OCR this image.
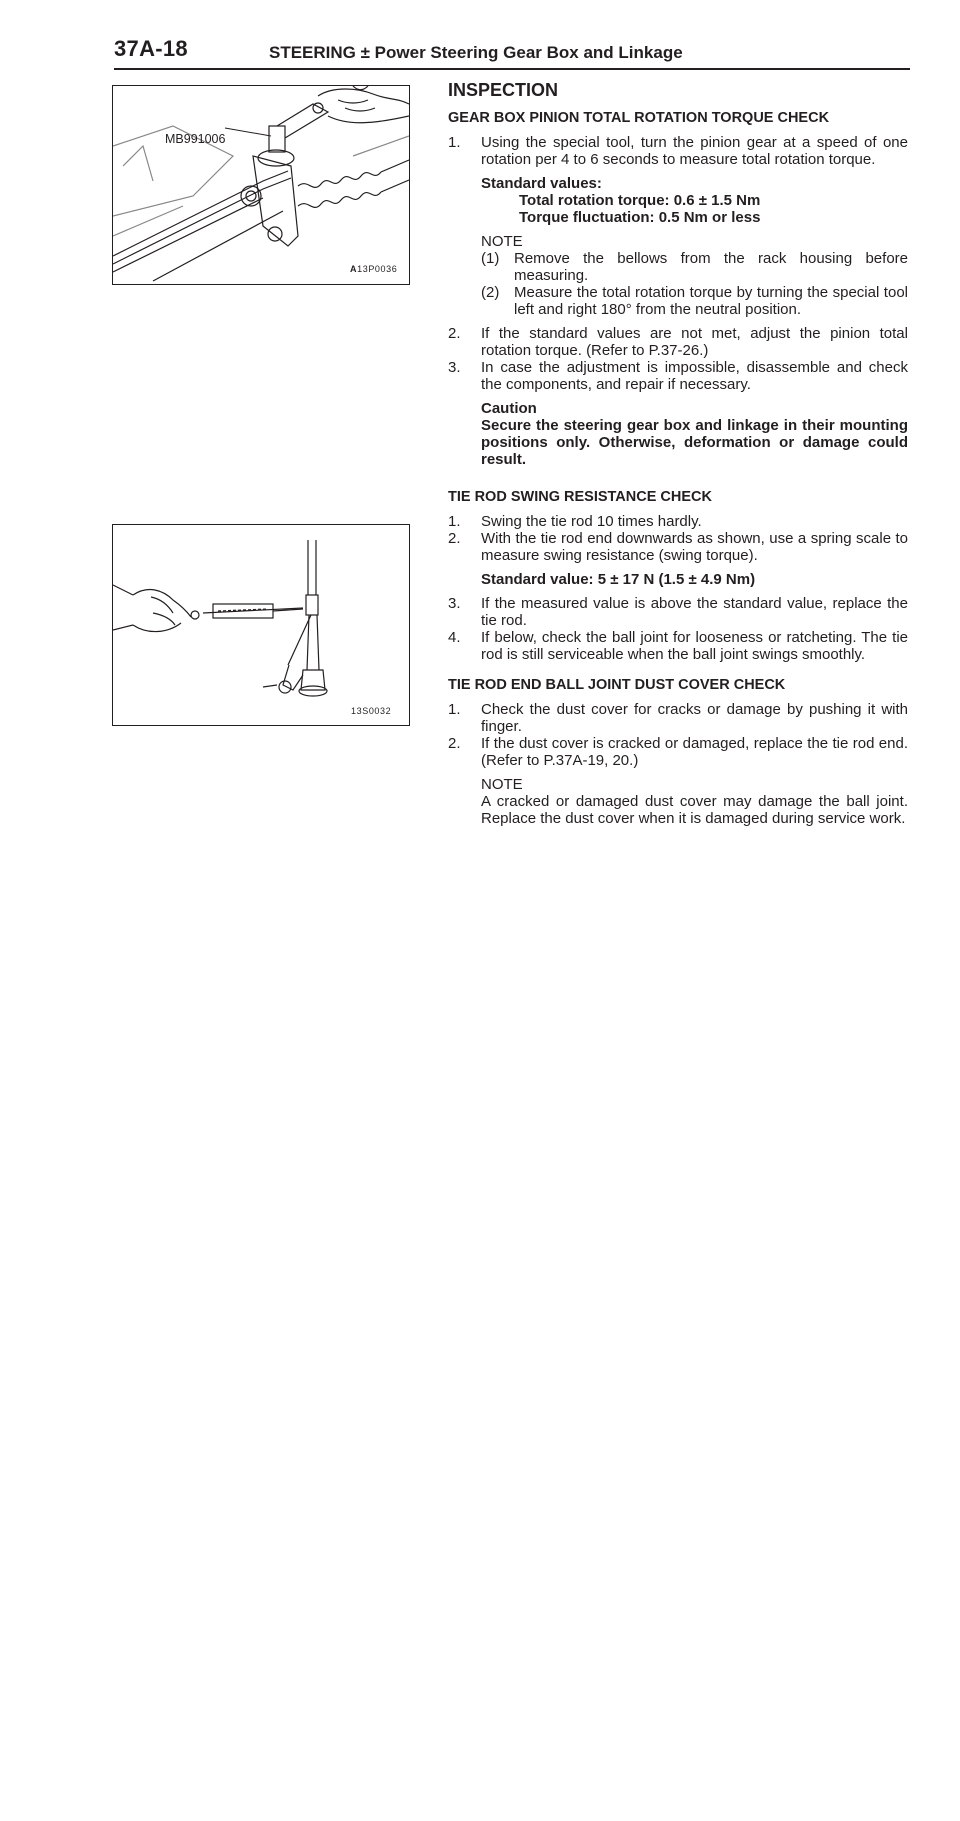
37A-18	STEERING ± Power Steering Gear Box and Linkage
MB991006
A13P0036
13S0032
INSPECTION
GEAR BOX PINION TOTAL ROTATION TORQUE CHECK
1. Using the special tool, turn the pinion gear at a speed of one rotation per 4 to 6 seconds to measure total rotation torque.
Standard values:
Total rotation torque: 0.6 ± 1.5 Nm
Torque fluctuation: 0.5 Nm or less
NOTE
(1) Remove the bellows from the rack housing before measuring.
(2) Measure the total rotation torque by turning the special tool left and right 180° from the neutral position.
2. If the standard values are not met, adjust the pinion total rotation torque. (Refer to P.37-26.)
3. In case the adjustment is impossible, disassemble and check the components, and repair if necessary.
Caution
Secure the steering gear box and linkage in their mounting positions only. Otherwise, deformation or damage could result.
TIE ROD SWING RESISTANCE CHECK
1. Swing the tie rod 10 times hardly.
2. With the tie rod end downwards as shown, use a spring scale to measure swing resistance (swing torque).
Standard value: 5 ± 17 N (1.5 ± 4.9 Nm)
3. If the measured value is above the standard value, replace the tie rod.
4. If below, check the ball joint for looseness or ratcheting. The tie rod is still serviceable when the ball joint swings smoothly.
TIE ROD END BALL JOINT DUST COVER CHECK
1. Check the dust cover for cracks or damage by pushing it with finger.
2. If the dust cover is cracked or damaged, replace the tie rod end. (Refer to P.37A-19, 20.)
NOTE
A cracked or damaged dust cover may damage the ball joint. Replace the dust cover when it is damaged during service work.
